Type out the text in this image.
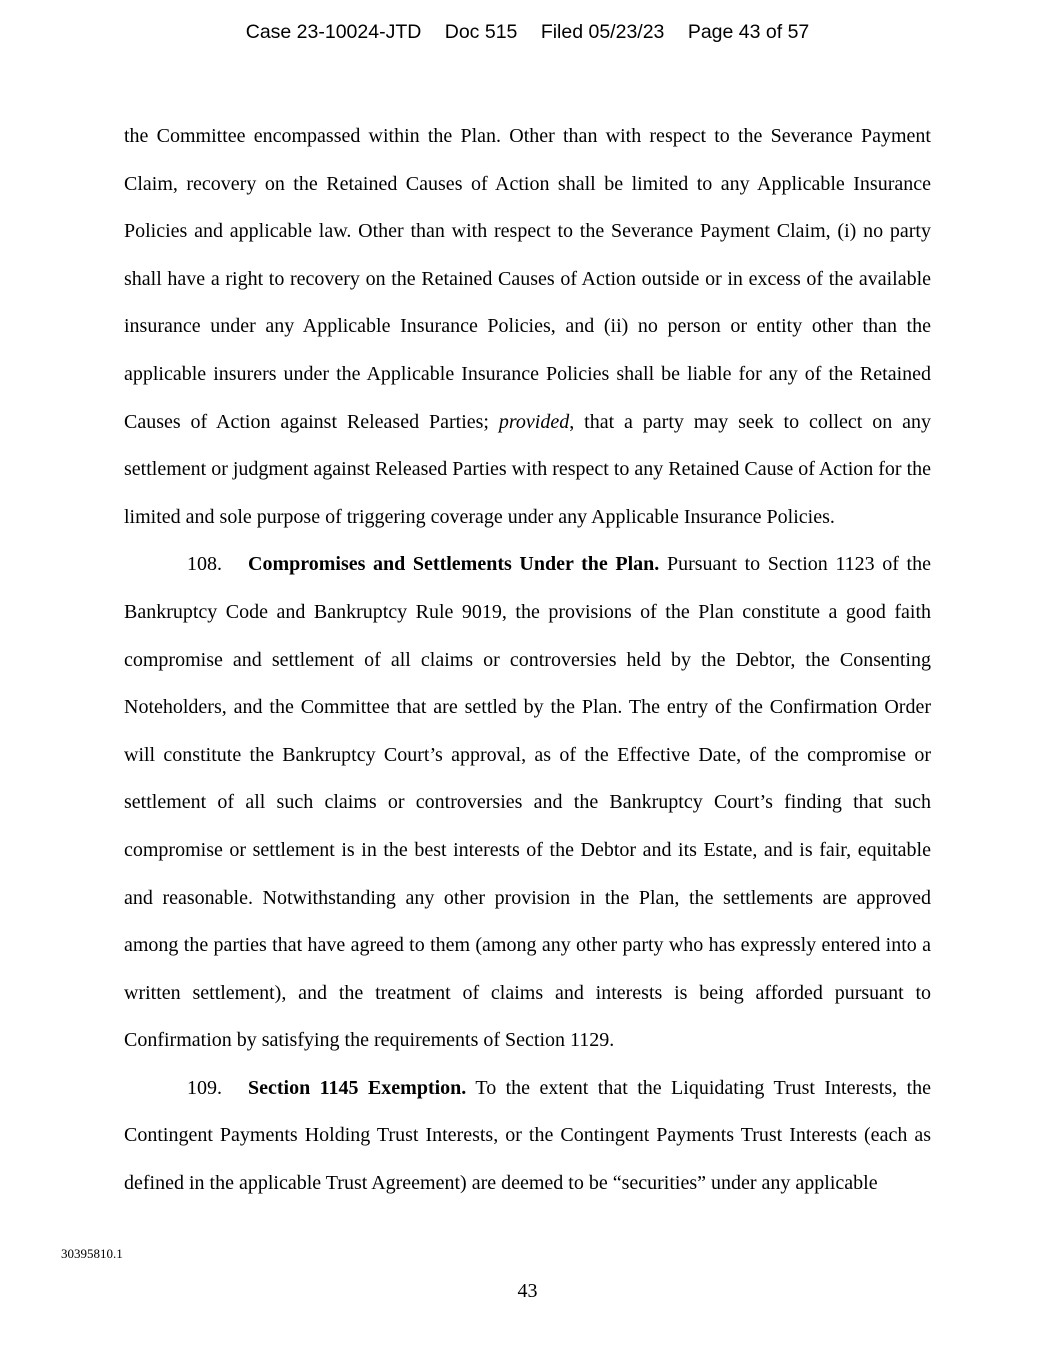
Case 23-10024-JTD Doc 515 Filed 05/23/23 Page 43 of 57

the Committee encompassed within the Plan. Other than with respect to the Severance Payment Claim, recovery on the Retained Causes of Action shall be limited to any Applicable Insurance Policies and applicable law. Other than with respect to the Severance Payment Claim, (i) no party shall have a right to recovery on the Retained Causes of Action outside or in excess of the available insurance under any Applicable Insurance Policies, and (ii) no person or entity other than the applicable insurers under the Applicable Insurance Policies shall be liable for any of the Retained Causes of Action against Released Parties; provided, that a party may seek to collect on any settlement or judgment against Released Parties with respect to any Retained Cause of Action for the limited and sole purpose of triggering coverage under any Applicable Insurance Policies.

108. Compromises and Settlements Under the Plan. Pursuant to Section 1123 of the Bankruptcy Code and Bankruptcy Rule 9019, the provisions of the Plan constitute a good faith compromise and settlement of all claims or controversies held by the Debtor, the Consenting Noteholders, and the Committee that are settled by the Plan. The entry of the Confirmation Order will constitute the Bankruptcy Court’s approval, as of the Effective Date, of the compromise or settlement of all such claims or controversies and the Bankruptcy Court’s finding that such compromise or settlement is in the best interests of the Debtor and its Estate, and is fair, equitable and reasonable. Notwithstanding any other provision in the Plan, the settlements are approved among the parties that have agreed to them (among any other party who has expressly entered into a written settlement), and the treatment of claims and interests is being afforded pursuant to Confirmation by satisfying the requirements of Section 1129.

109. Section 1145 Exemption. To the extent that the Liquidating Trust Interests, the Contingent Payments Holding Trust Interests, or the Contingent Payments Trust Interests (each as defined in the applicable Trust Agreement) are deemed to be “securities” under any applicable

30395810.1
43
